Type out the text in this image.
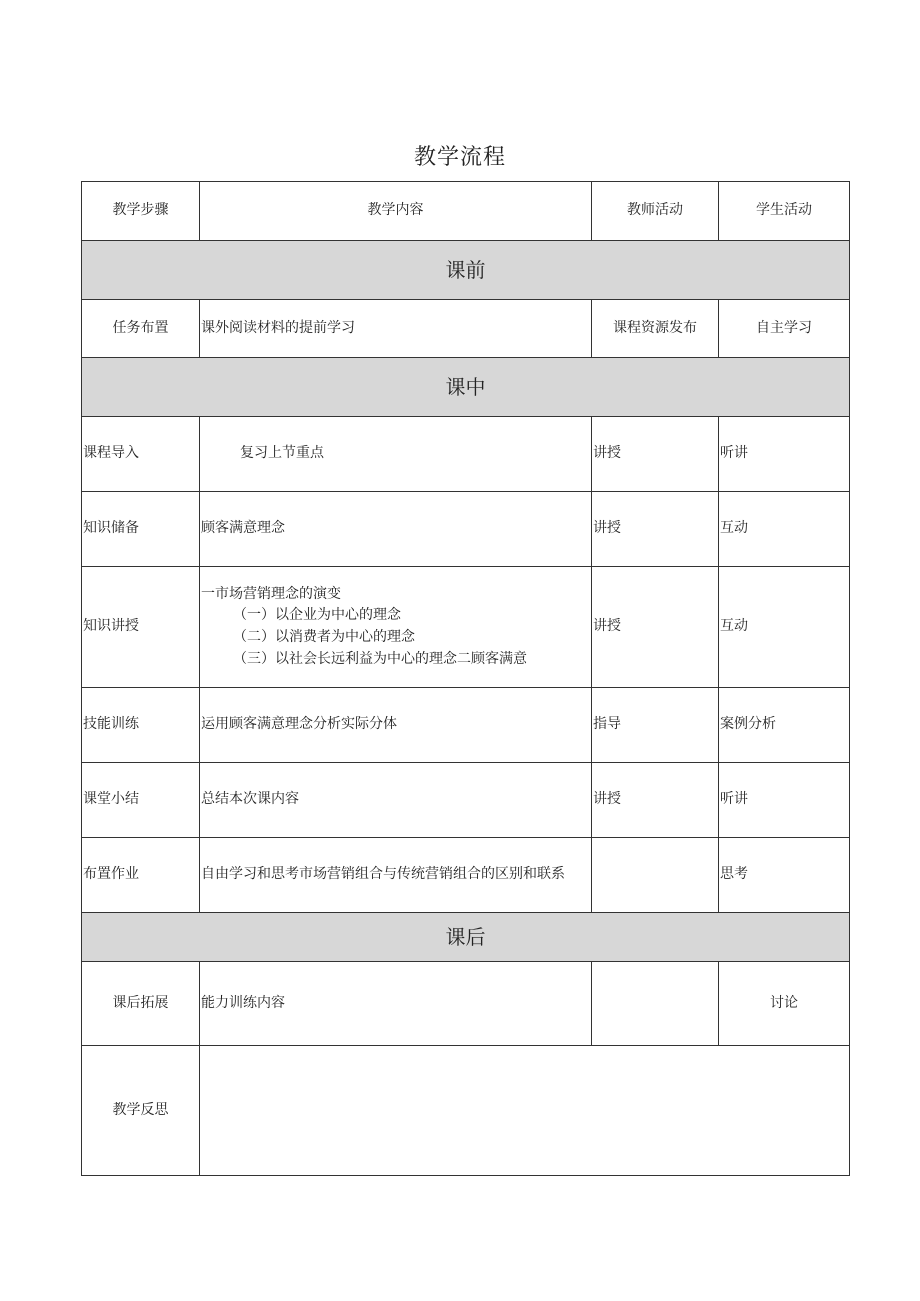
教学流程
教学步骤	教学内容	教师活动	学生活动
课前			
任务布置	课外阅读材料的提前学习	课程资源发布	自主学习
课中			
课程导入	复习上节重点	讲授	听讲
知识储备	顾客满意理念	讲授	互动
知识讲授	一市场营销理念的演变
（一）以企业为中心的理念
（二）以消费者为中心的理念
（三）以社会长远利益为中心的理念二顾客满意	讲授	互动
技能训练	运用顾客满意理念分析实际分体	指导	案例分析
课堂小结	总结本次课内容	讲授	听讲
布置作业	自由学习和思考市场营销组合与传统营销组合的区别和联系		思考
课后			
课后拓展	能力训练内容		讨论
教学反思			
